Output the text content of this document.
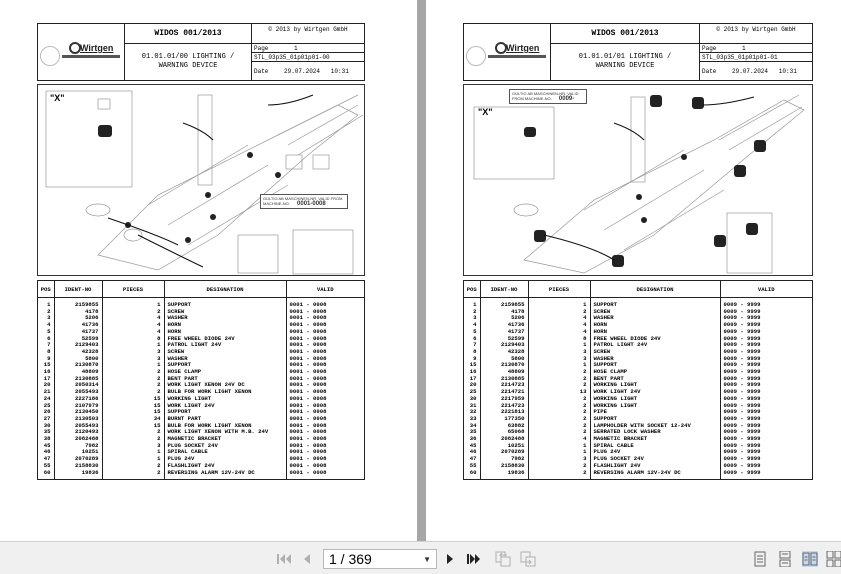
Wirtgen
WIDOS 001/2013
01.01.01/00 LIGHTING /
WARNING DEVICE
© 2013 by Wirtgen GmbH
Page	1
STL_03p35_01p01p01-00
Date	29.07.2024   10:31
"X"
GÜLTIG AB MASCHINEN-NR. VALID FROM MACHINE-NO. 0001-0008
POS	IDENT-NO	PIECES	DESIGNATION	VALID
1	2159855	1	SUPPORT	0001 - 0008
2	4178	2	SCREW	0001 - 0008
3	5206	4	WASHER	0001 - 0008
4	41736	4	HORN	0001 - 0008
5	41737	4	HORN	0001 - 0008
6	52599	8	FREE WHEEL DIODE 24V	0001 - 0008
7	2129403	1	PATROL LIGHT 24V	0001 - 0008
8	42328	3	SCREW	0001 - 0008
9	5800	3	WASHER	0001 - 0008
15	2130870	1	SUPPORT	0001 - 0008
16	48809	2	HOSE CLAMP	0001 - 0008
17	2130885	2	BENT PART	0001 - 0008
20	2050314	2	WORK LIGHT XENON 24V DC	0001 - 0008
21	2055493	2	BULB FOR WORK LIGHT XENON	0001 - 0008
24	2227186	15	WORKING LIGHT	0001 - 0008
25	2107979	15	WORK LIGHT 24V	0001 - 0008
26	2130450	15	SUPPORT	0001 - 0008
27	2130503	34	BURNT PART	0001 - 0008
30	2055493	15	BULB FOR WORK LIGHT XENON	0001 - 0008
35	2120493	2	WORK LIGHT XENON WITH M.B. 24V	0001 - 0008
38	2082488	2	MAGNETIC BRACKET	0001 - 0008
45	7982	3	PLUG SOCKET 24V	0001 - 0008
46	10251	1	SPIRAL CABLE	0001 - 0008
47	2070289	1	PLUG 24V	0001 - 0008
55	2158830	2	FLASHLIGHT 24V	0001 - 0008
60	19836	2	REVERSING ALARM 12V-24V DC	0001 - 0008

Wirtgen
WIDOS 001/2013
01.01.01/01 LIGHTING /
WARNING DEVICE
© 2013 by Wirtgen GmbH
Page	1
STL_03p35_01p01p01-01
Date	29.07.2024   10:31
"X"
GÜLTIG AB MASCHINEN-NR. VALID FROM MACHINE-NO. 0009-
POS	IDENT-NO	PIECES	DESIGNATION	VALID
1	2159855	1	SUPPORT	0009 - 9999
2	4178	2	SCREW	0009 - 9999
3	5206	4	WASHER	0009 - 9999
4	41736	4	HORN	0009 - 9999
5	41737	4	HORN	0009 - 9999
6	52599	8	FREE WHEEL DIODE 24V	0009 - 9999
7	2129403	1	PATROL LIGHT 24V	0009 - 9999
8	42328	3	SCREW	0009 - 9999
9	5800	3	WASHER	0009 - 9999
15	2130870	1	SUPPORT	0009 - 9999
16	48809	2	HOSE CLAMP	0009 - 9999
17	2130885	2	BENT PART	0009 - 9999
20	2214723	2	WORKING LIGHT	0009 - 9999
25	2214721	13	WORK LIGHT 24V	0009 - 9999
30	2217959	2	WORKING LIGHT	0009 - 9999
31	2214723	2	WORKING LIGHT	0009 - 9999
32	2221813	2	PIPE	0009 - 9999
33	177350	2	SUPPORT	0009 - 9999
34	63882	2	LAMPHOLDER WITH SOCKET 12-24V	0009 - 9999
35	65068	2	SERRATED LOCK WASHER	0009 - 9999
36	2082488	4	MAGNETIC BRACKET	0009 - 9999
45	10251	1	SPIRAL CABLE	0009 - 9999
46	2070289	1	PLUG 24V	0009 - 9999
47	7982	3	PLUG SOCKET 24V	0009 - 9999
55	2158830	2	FLASHLIGHT 24V	0009 - 9999
60	19836	2	REVERSING ALARM 12V-24V DC	0009 - 9999

1 / 369	▼
